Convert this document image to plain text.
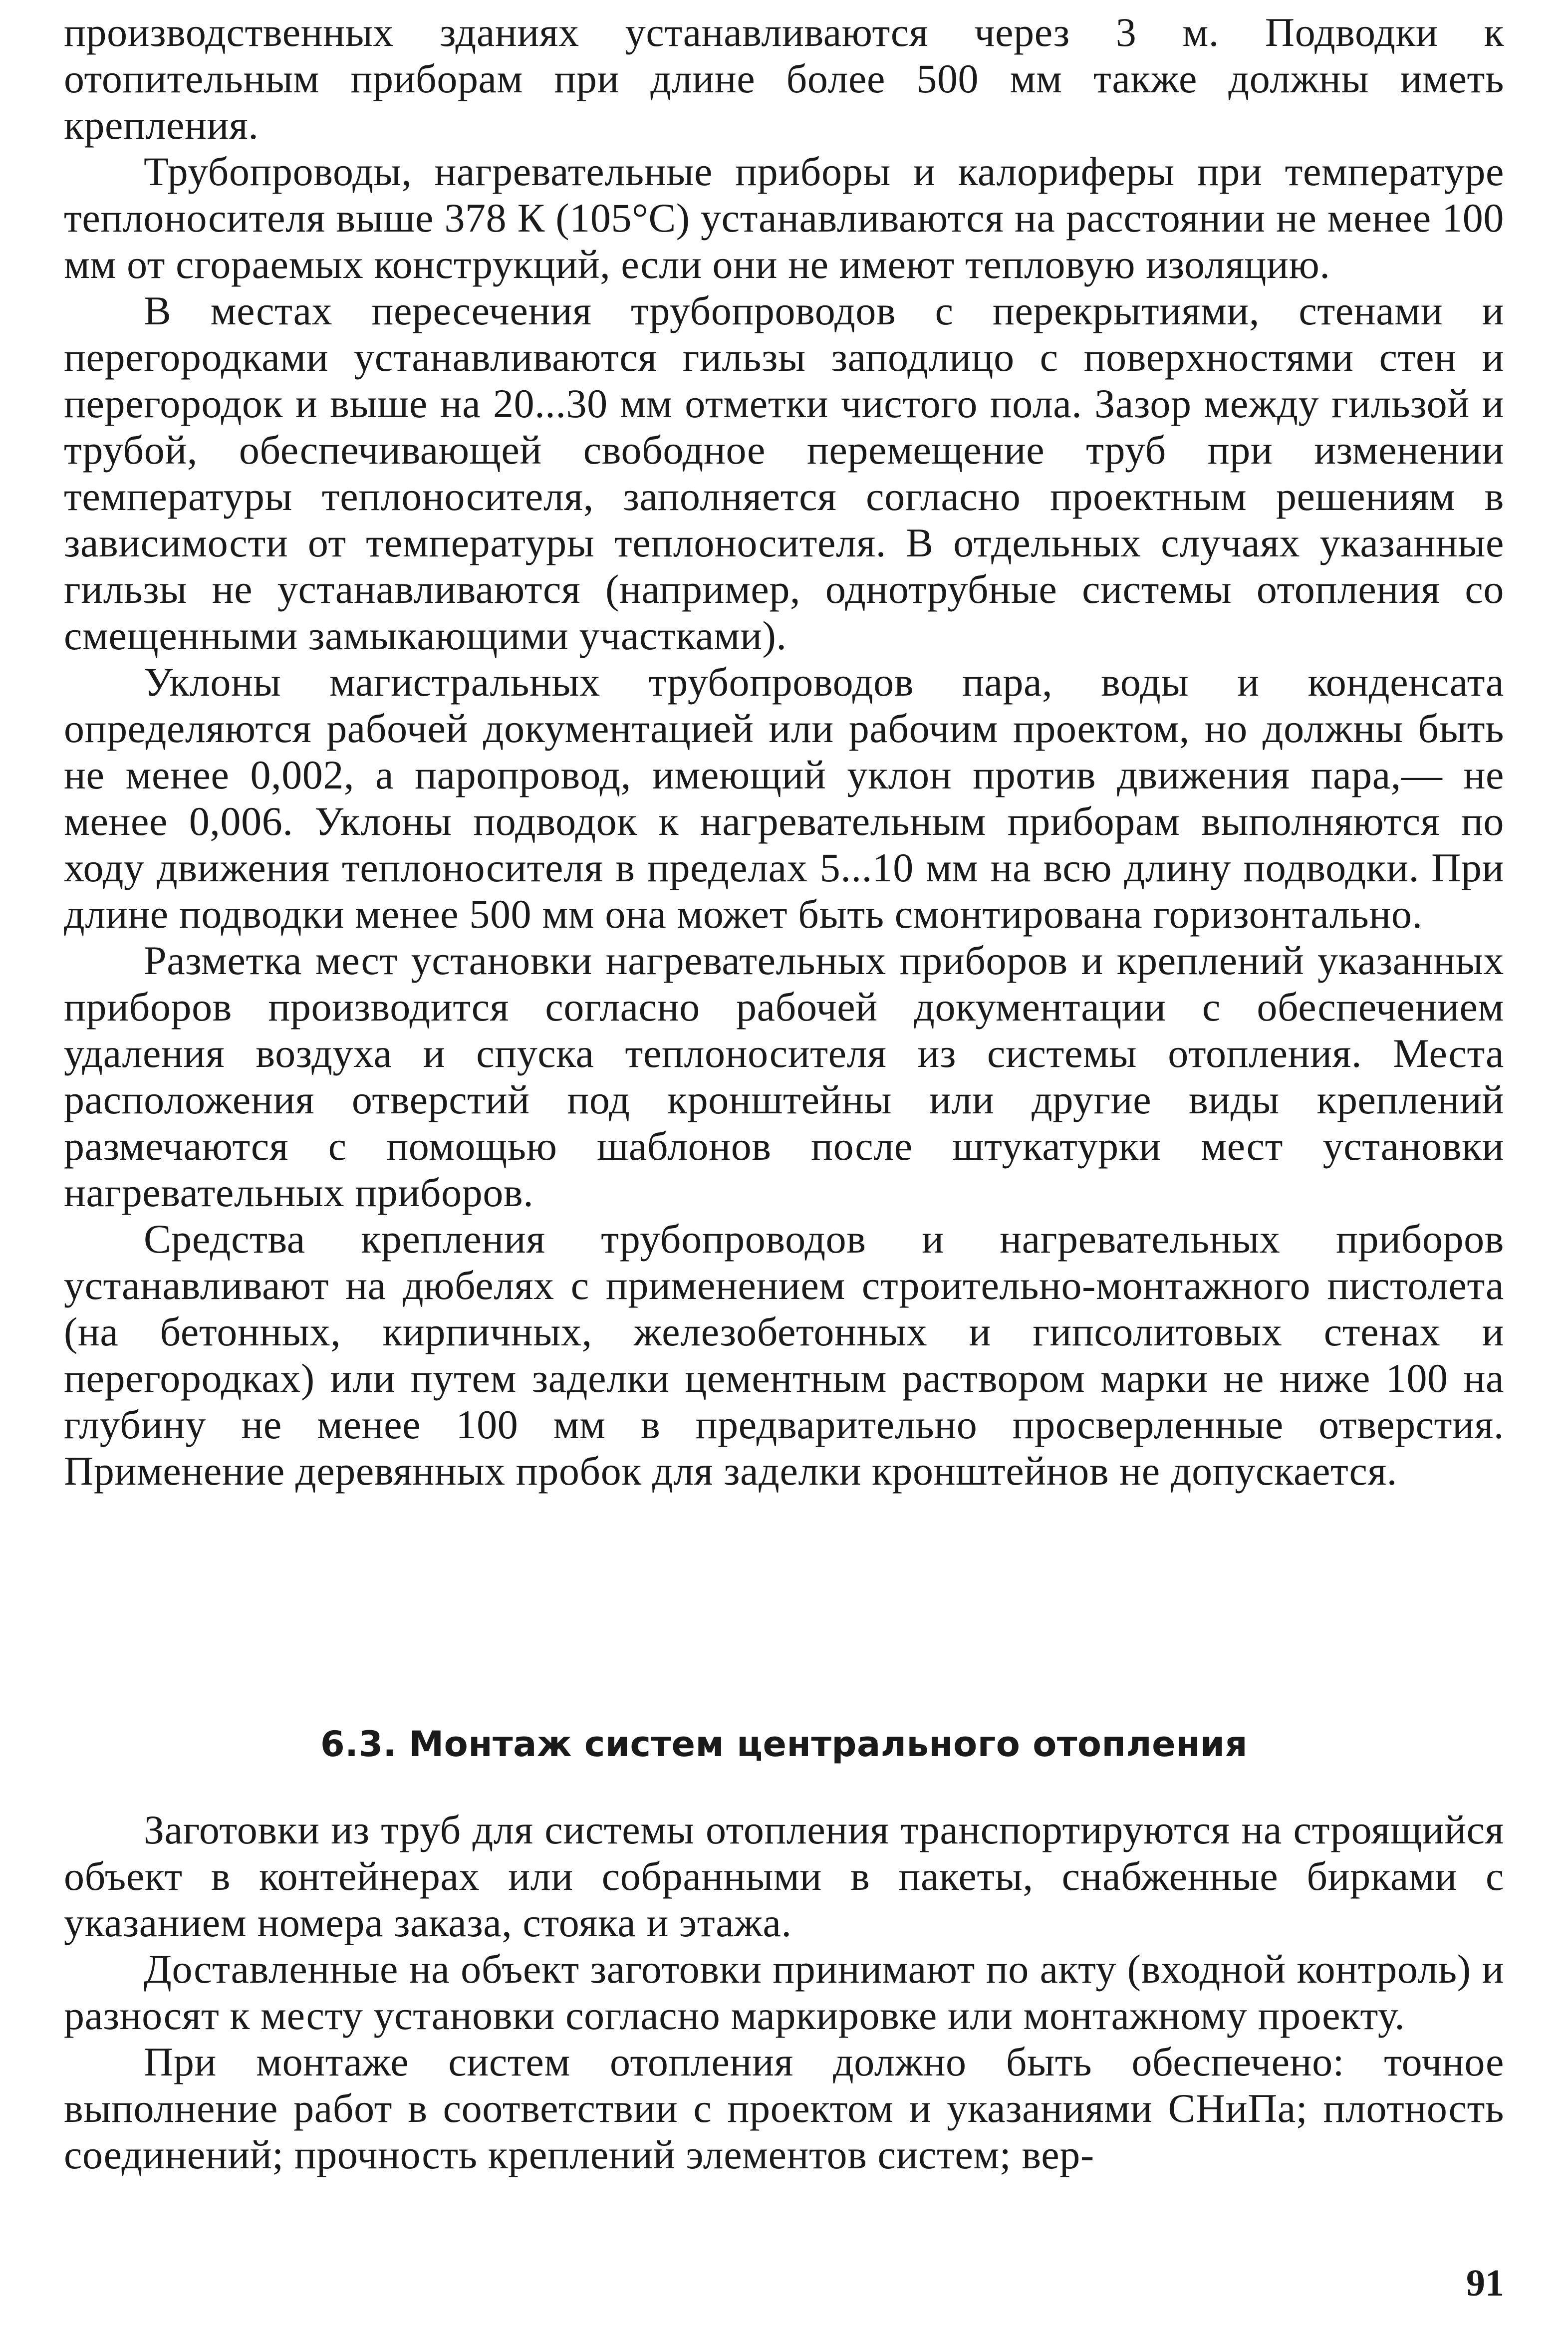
производственных зданиях устанавливаются через 3 м. Подводки к отопительным приборам при длине более 500 мм также должны иметь крепления.

Трубопроводы, нагревательные приборы и калориферы при температуре теплоносителя выше 378 К (105°С) устанавливаются на расстоянии не менее 100 мм от сгораемых конструкций, если они не имеют тепловую изоляцию.

В местах пересечения трубопроводов с перекрытиями, стенами и перегородками устанавливаются гильзы заподлицо с поверхностями стен и перегородок и выше на 20...30 мм отметки чистого пола. Зазор между гильзой и трубой, обеспечивающей свободное перемещение труб при изменении температуры теплоносителя, заполняется согласно проектным решениям в зависимости от температуры теплоносителя. В отдельных случаях указанные гильзы не устанавливаются (например, однотрубные системы отопления со смещенными замыкающими участками).

Уклоны магистральных трубопроводов пара, воды и конденсата определяются рабочей документацией или рабочим проектом, но должны быть не менее 0,002, а паропровод, имеющий уклон против движения пара,— не менее 0,006. Уклоны подводок к нагревательным приборам выполняются по ходу движения теплоносителя в пределах 5...10 мм на всю длину подводки. При длине подводки менее 500 мм она может быть смонтирована горизонтально.

Разметка мест установки нагревательных приборов и креплений указанных приборов производится согласно рабочей документации с обеспечением удаления воздуха и спуска теплоносителя из системы отопления. Места расположения отверстий под кронштейны или другие виды креплений размечаются с помощью шаблонов после штукатурки мест установки нагревательных приборов.

Средства крепления трубопроводов и нагревательных приборов устанавливают на дюбелях с применением строительно-монтажного пистолета (на бетонных, кирпичных, железобетонных и гипсолитовых стенах и перегородках) или путем заделки цементным раствором марки не ниже 100 на глубину не менее 100 мм в предварительно просверленные отверстия. Применение деревянных пробок для заделки кронштейнов не допускается.

6.3. Монтаж систем центрального отопления

Заготовки из труб для системы отопления транспортируются на строящийся объект в контейнерах или собранными в пакеты, снабженные бирками с указанием номера заказа, стояка и этажа.

Доставленные на объект заготовки принимают по акту (входной контроль) и разносят к месту установки согласно маркировке или монтажному проекту.

При монтаже систем отопления должно быть обеспечено: точное выполнение работ в соответствии с проектом и указаниями СНиПа; плотность соединений; прочность креплений элементов систем; вер-

91
